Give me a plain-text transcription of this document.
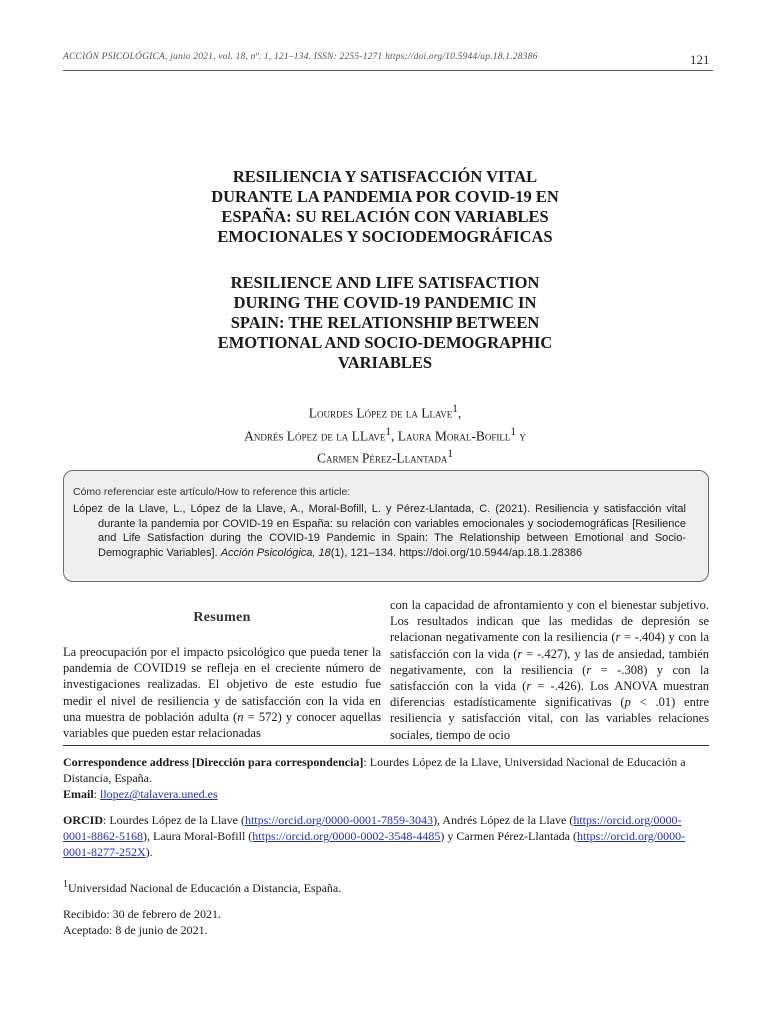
ACCIÓN PSICOLÓGICA, junio 2021, vol. 18, nº. 1, 121–134. ISSN: 2255-1271 https://doi.org/10.5944/ap.18.1.28386	121
RESILIENCIA Y SATISFACCIÓN VITAL
DURANTE LA PANDEMIA POR COVID-19 EN
ESPAÑA: SU RELACIÓN CON VARIABLES
EMOCIONALES Y SOCIODEMOGRÁFICAS
RESILIENCE AND LIFE SATISFACTION
DURING THE COVID-19 PANDEMIC IN
SPAIN: THE RELATIONSHIP BETWEEN
EMOTIONAL AND SOCIO-DEMOGRAPHIC
VARIABLES
Lourdes López de la Llave$^1$,
Andrés López de la LLave$^1$, Laura Moral-Bofill$^1$ y
Carmen Pérez-Llantada$^1$
Cómo referenciar este artículo/How to reference this article:
López de la Llave, L., López de la Llave, A., Moral-Bofill, L. y Pérez-Llantada, C. (2021). Resiliencia y satisfacción vital durante la pandemia por COVID-19 en España: su relación con variables emocionales y sociodemográficas [Resilience and Life Satisfaction during the COVID-19 Pandemic in Spain: The Relationship between Emotional and Socio-Demographic Variables]. Acción Psicológica, 18(1), 121–134. https://doi.org/10.5944/ap.18.1.28386
Resumen
La preocupación por el impacto psicológico que pueda tener la pandemia de COVID19 se refleja en el creciente número de investigaciones realizadas. El objetivo de este estudio fue medir el nivel de resiliencia y de satisfacción con la vida en una muestra de población adulta (n = 572) y conocer aquellas variables que pueden estar relacionadas
con la capacidad de afrontamiento y con el bienestar subjetivo. Los resultados indican que las medidas de depresión se relacionan negativamente con la resiliencia (r = -.404) y con la satisfacción con la vida (r = -.427), y las de ansiedad, también negativamente, con la resiliencia (r = -.308) y con la satisfacción con la vida (r = -.426). Los ANOVA muestran diferencias estadísticamente significativas (p < .01) entre resiliencia y satisfacción vital, con las variables relaciones sociales, tiempo de ocio
Correspondence address [Dirección para correspondencia]: Lourdes López de la Llave, Universidad Nacional de Educación a Distancia, España.
Email: llopez@talavera.uned.es
ORCID: Lourdes López de la Llave (https://orcid.org/0000-0001-7859-3043), Andrés López de la Llave (https://orcid.org/0000-0001-8862-5168), Laura Moral-Bofill (https://orcid.org/0000-0002-3548-4485) y Carmen Pérez-Llantada (https://orcid.org/0000-0001-8277-252X).
$^1$Universidad Nacional de Educación a Distancia, España.
Recibido: 30 de febrero de 2021.
Aceptado: 8 de junio de 2021.
